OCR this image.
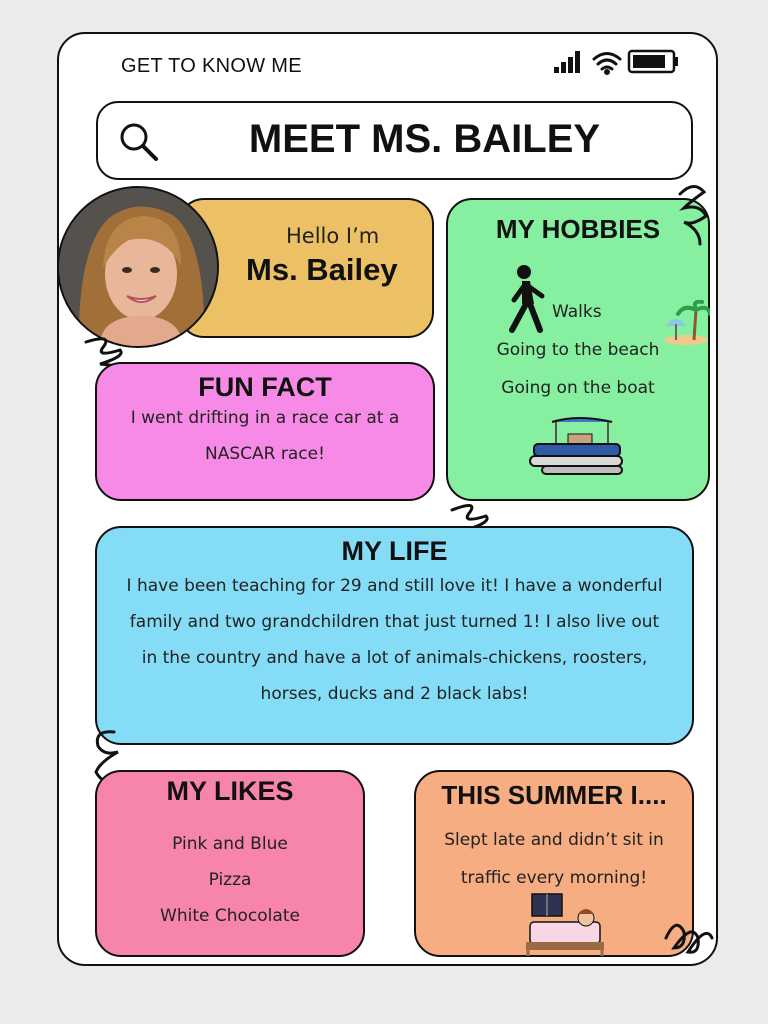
GET TO KNOW ME
MEET MS. BAILEY
Hello I’m
Ms. Bailey
MY HOBBIES
Walks
Going to the beach
Going on the boat
FUN FACT
I went drifting in a race car at a
NASCAR race!
MY LIFE
I have been teaching for 29 and still love it! I have a wonderful
family and two grandchildren that just turned 1! I also live out
in the country and have a lot of animals-chickens, roosters,
horses, ducks and 2 black labs!
MY LIKES
Pink and Blue
Pizza
White Chocolate
THIS SUMMER I....
Slept late and didn’t sit in
traffic every morning!
